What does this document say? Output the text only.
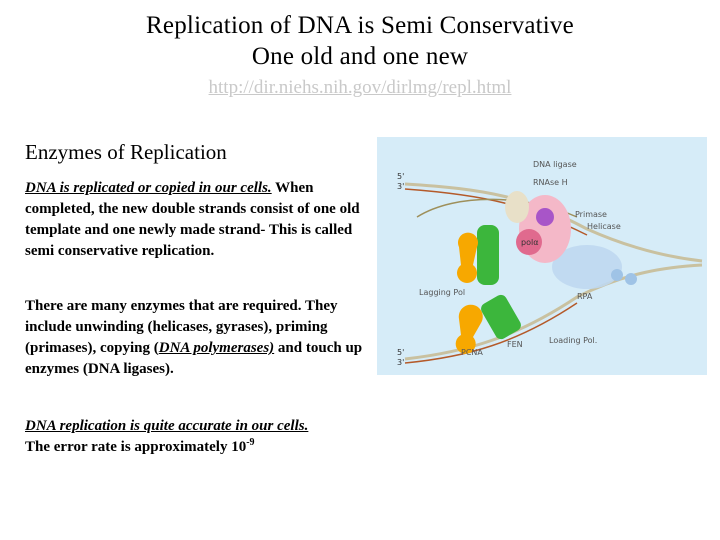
Replication of DNA is Semi Conservative
One old and one new
http://dir.niehs.nih.gov/dirlmg/repl.html
Enzymes of Replication
DNA is replicated or copied in our cells. When completed, the new double strands consist of one old template and one newly made strand- This is called semi conservative replication.
There are many enzymes that are required. They include unwinding (helicases, gyrases), priming (primases), copying (DNA polymerases) and touch up enzymes (DNA ligases).
DNA replication is quite accurate in our cells.
The error rate is approximately $10^{-9}$
DNA ligase
RNAse H
Primase
Helicase
polα
Lagging Pol	RPA
FEN	Loading Pol.
PCNA
5'
3'
5'
3'
